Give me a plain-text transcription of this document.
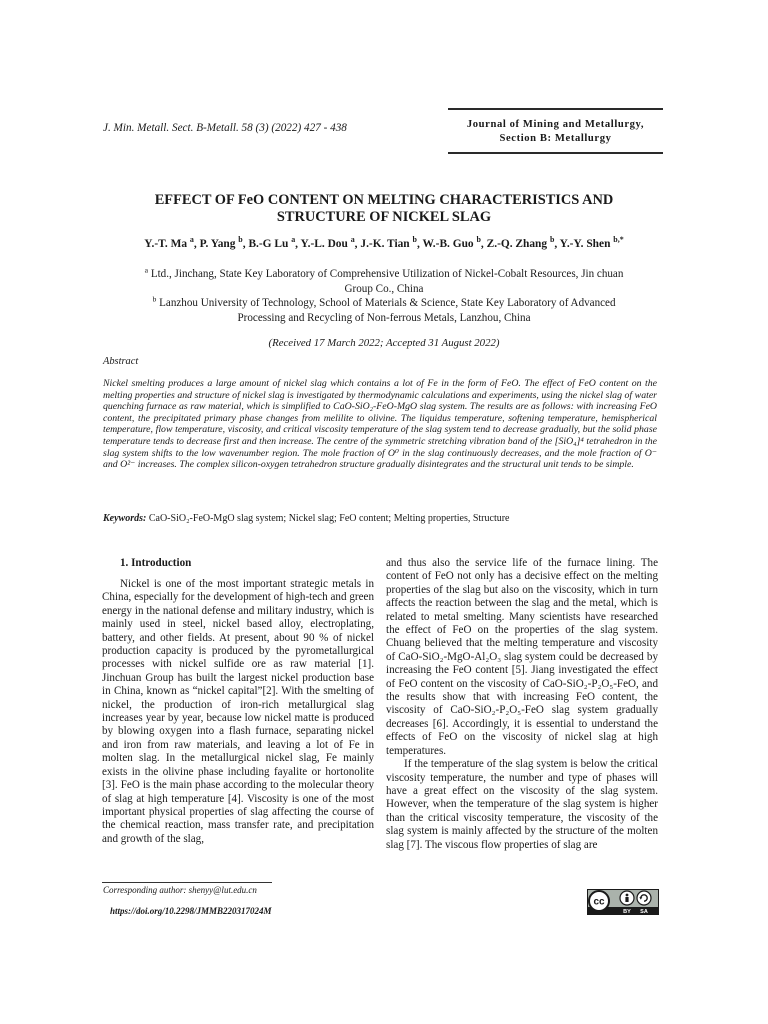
J. Min. Metall. Sect. B-Metall. 58 (3) (2022) 427 - 438	Journal of Mining and Metallurgy,
Section B: Metallurgy
EFFECT OF FeO CONTENT ON MELTING CHARACTERISTICS AND
STRUCTURE OF NICKEL SLAG
Y.-T. Ma $^a$, P. Yang $^b$, B.-G Lu $^a$, Y.-L. Dou $^a$, J.-K. Tian $^b$, W.-B. Guo $^b$, Z.-Q. Zhang $^b$, Y.-Y. Shen $^{b,*}$
$^a$ Ltd., Jinchang, State Key Laboratory of Comprehensive Utilization of Nickel-Cobalt Resources, Jin chuan
Group Co., China
$^b$ Lanzhou University of Technology, School of Materials & Science, State Key Laboratory of Advanced
Processing and Recycling of Non-ferrous Metals, Lanzhou, China
(Received 17 March 2022; Accepted 31 August 2022)
Abstract
Nickel smelting produces a large amount of nickel slag which contains a lot of Fe in the form of FeO. The effect of FeO content on the melting properties and structure of nickel slag is investigated by thermodynamic calculations and experiments, using the nickel slag of water quenching furnace as raw material, which is simplified to CaO-SiO₂-FeO-MgO slag system. The results are as follows: with increasing FeO content, the precipitated primary phase changes from melilite to olivine. The liquidus temperature, softening temperature, hemispherical temperature, flow temperature, viscosity, and critical viscosity temperature of the slag system tend to decrease gradually, but the solid phase temperature tends to decrease first and then increase. The centre of the symmetric stretching vibration band of the [SiO₄]⁴ tetrahedron in the slag system shifts to the low wavenumber region. The mole fraction of O⁰ in the slag continuously decreases, and the mole fraction of O⁻ and O²⁻ increases. The complex silicon-oxygen tetrahedron structure gradually disintegrates and the structural unit tends to be simple.
Keywords: CaO-SiO₂-FeO-MgO slag system; Nickel slag; FeO content; Melting properties, Structure
1. Introduction

Nickel is one of the most important strategic metals in China, especially for the development of high-tech and green energy in the national defense and military industry, which is mainly used in steel, nickel based alloy, electroplating, battery, and other fields. At present, about 90 % of nickel production capacity is produced by the pyrometallurgical processes with nickel sulfide ore as raw material [1]. Jinchuan Group has built the largest nickel production base in China, known as “nickel capital”[2]. With the smelting of nickel, the production of iron-rich metallurgical slag increases year by year, because low nickel matte is produced by blowing oxygen into a flash furnace, separating nickel and iron from raw materials, and leaving a lot of Fe in molten slag. In the metallurgical nickel slag, Fe mainly exists in the olivine phase including fayalite or hortonolite [3]. FeO is the main phase according to the molecular theory of slag at high temperature [4]. Viscosity is one of the most important physical properties of slag affecting the course of the chemical reaction, mass transfer rate, and precipitation and growth of the slag,

and thus also the service life of the furnace lining. The content of FeO not only has a decisive effect on the melting properties of the slag but also on the viscosity, which in turn affects the reaction between the slag and the metal, which is related to metal smelting. Many scientists have researched the effect of FeO on the properties of the slag system. Chuang believed that the melting temperature and viscosity of CaO-SiO₂-MgO-Al₂O₃ slag system could be decreased by increasing the FeO content [5]. Jiang investigated the effect of FeO content on the viscosity of CaO-SiO₂-P₂O₅-FeO, and the results show that with increasing FeO content, the viscosity of CaO-SiO₂-P₂O₅-FeO slag system gradually decreases [6]. Accordingly, it is essential to understand the effects of FeO on the viscosity of nickel slag at high temperatures.

If the temperature of the slag system is below the critical viscosity temperature, the number and type of phases will have a great effect on the viscosity of the slag system. However, when the temperature of the slag system is higher than the critical viscosity temperature, the viscosity of the slag system is mainly affected by the structure of the molten slag [7]. The viscous flow properties of slag are

Corresponding author: shenyy@lut.edu.cn
https://doi.org/10.2298/JMMB220317024M
cc
BY SA
